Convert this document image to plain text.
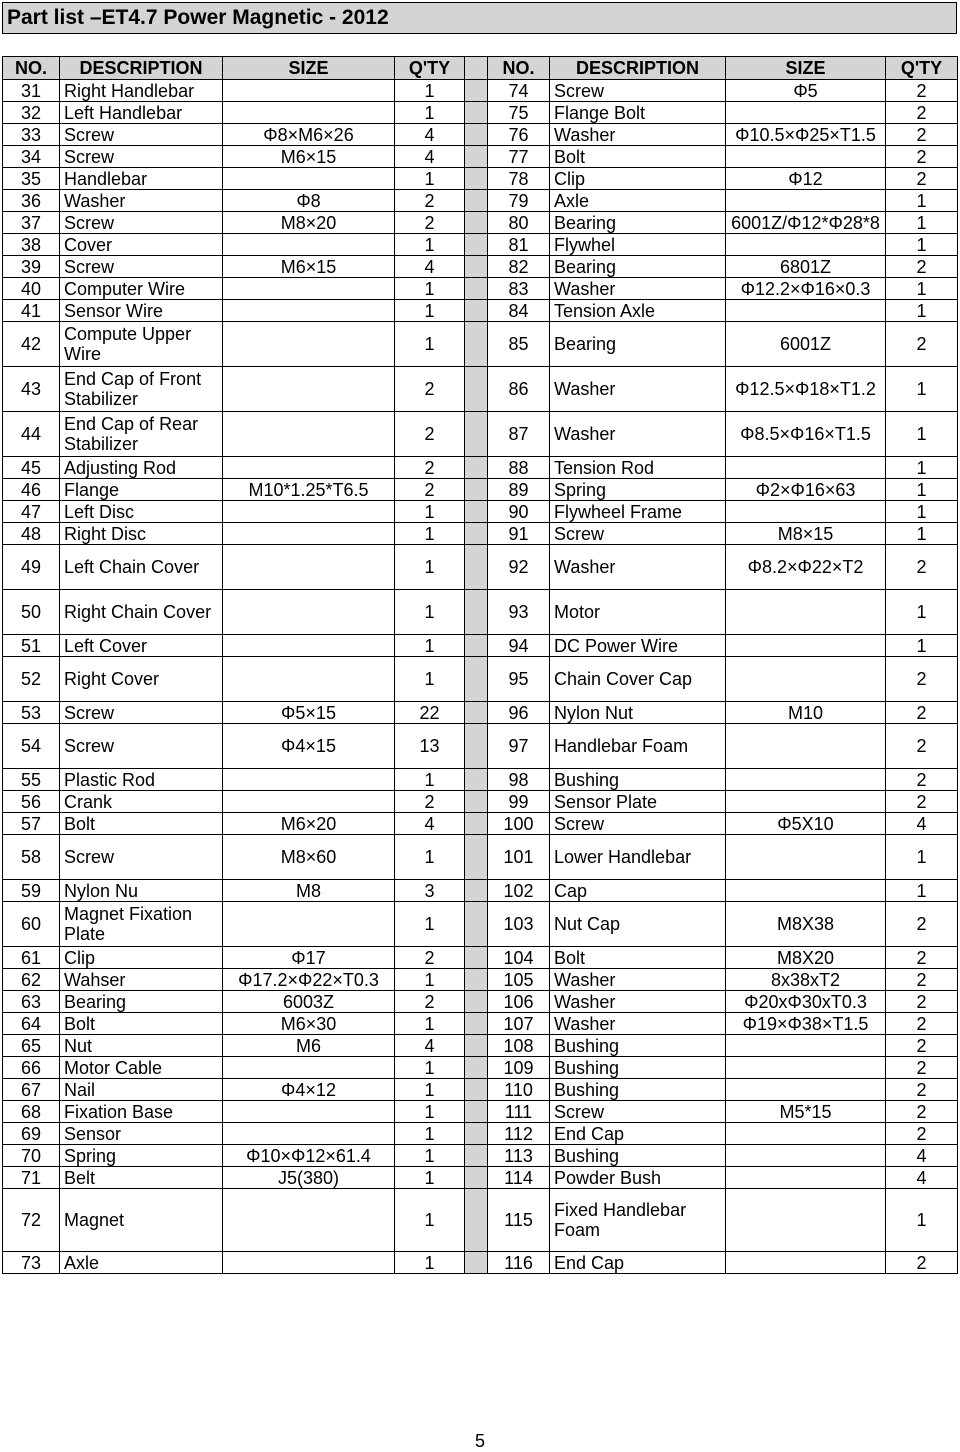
Part list –ET4.7 Power Magnetic - 2012
NO.	DESCRIPTION	SIZE	Q'TY		NO.	DESCRIPTION	SIZE	Q'TY
31	Right Handlebar		1		74	Screw	Φ5	2
32	Left Handlebar		1		75	Flange Bolt		2
33	Screw	Φ8×M6×26	4		76	Washer	Φ10.5×Φ25×T1.5	2
34	Screw	M6×15	4		77	Bolt		2
35	Handlebar		1		78	Clip	Φ12	2
36	Washer	Φ8	2		79	Axle		1
37	Screw	M8×20	2		80	Bearing	6001Z/Φ12*Φ28*8	1
38	Cover		1		81	Flywhel		1
39	Screw	M6×15	4		82	Bearing	6801Z	2
40	Computer Wire		1		83	Washer	Φ12.2×Φ16×0.3	1
41	Sensor Wire		1		84	Tension Axle		1
42	Compute Upper Wire		1		85	Bearing	6001Z	2
43	End Cap of Front Stabilizer		2		86	Washer	Φ12.5×Φ18×T1.2	1
44	End Cap of Rear Stabilizer		2		87	Washer	Φ8.5×Φ16×T1.5	1
45	Adjusting Rod		2		88	Tension Rod		1
46	Flange	M10*1.25*T6.5	2		89	Spring	Φ2×Φ16×63	1
47	Left Disc		1		90	Flywheel Frame		1
48	Right Disc		1		91	Screw	M8×15	1
49	Left Chain Cover		1		92	Washer	Φ8.2×Φ22×T2	2
50	Right Chain Cover		1		93	Motor		1
51	Left Cover		1		94	DC Power Wire		1
52	Right Cover		1		95	Chain Cover Cap		2
53	Screw	Φ5×15	22		96	Nylon Nut	M10	2
54	Screw	Φ4×15	13		97	Handlebar Foam		2
55	Plastic Rod		1		98	Bushing		2
56	Crank		2		99	Sensor Plate		2
57	Bolt	M6×20	4		100	Screw	Φ5X10	4
58	Screw	M8×60	1		101	Lower Handlebar		1
59	Nylon Nu	M8	3		102	Cap		1
60	Magnet Fixation Plate		1		103	Nut Cap	M8X38	2
61	Clip	Φ17	2		104	Bolt	M8X20	2
62	Wahser	Φ17.2×Φ22×T0.3	1		105	Washer	8x38xT2	2
63	Bearing	6003Z	2		106	Washer	Φ20xΦ30xT0.3	2
64	Bolt	M6×30	1		107	Washer	Φ19×Φ38×T1.5	2
65	Nut	M6	4		108	Bushing		2
66	Motor Cable		1		109	Bushing		2
67	Nail	Φ4×12	1		110	Bushing		2
68	Fixation Base		1		111	Screw	M5*15	2
69	Sensor		1		112	End Cap		2
70	Spring	Φ10×Φ12×61.4	1		113	Bushing		4
71	Belt	J5(380)	1		114	Powder Bush		4
72	Magnet		1		115	Fixed Handlebar Foam		1
73	Axle		1		116	End Cap		2
5
